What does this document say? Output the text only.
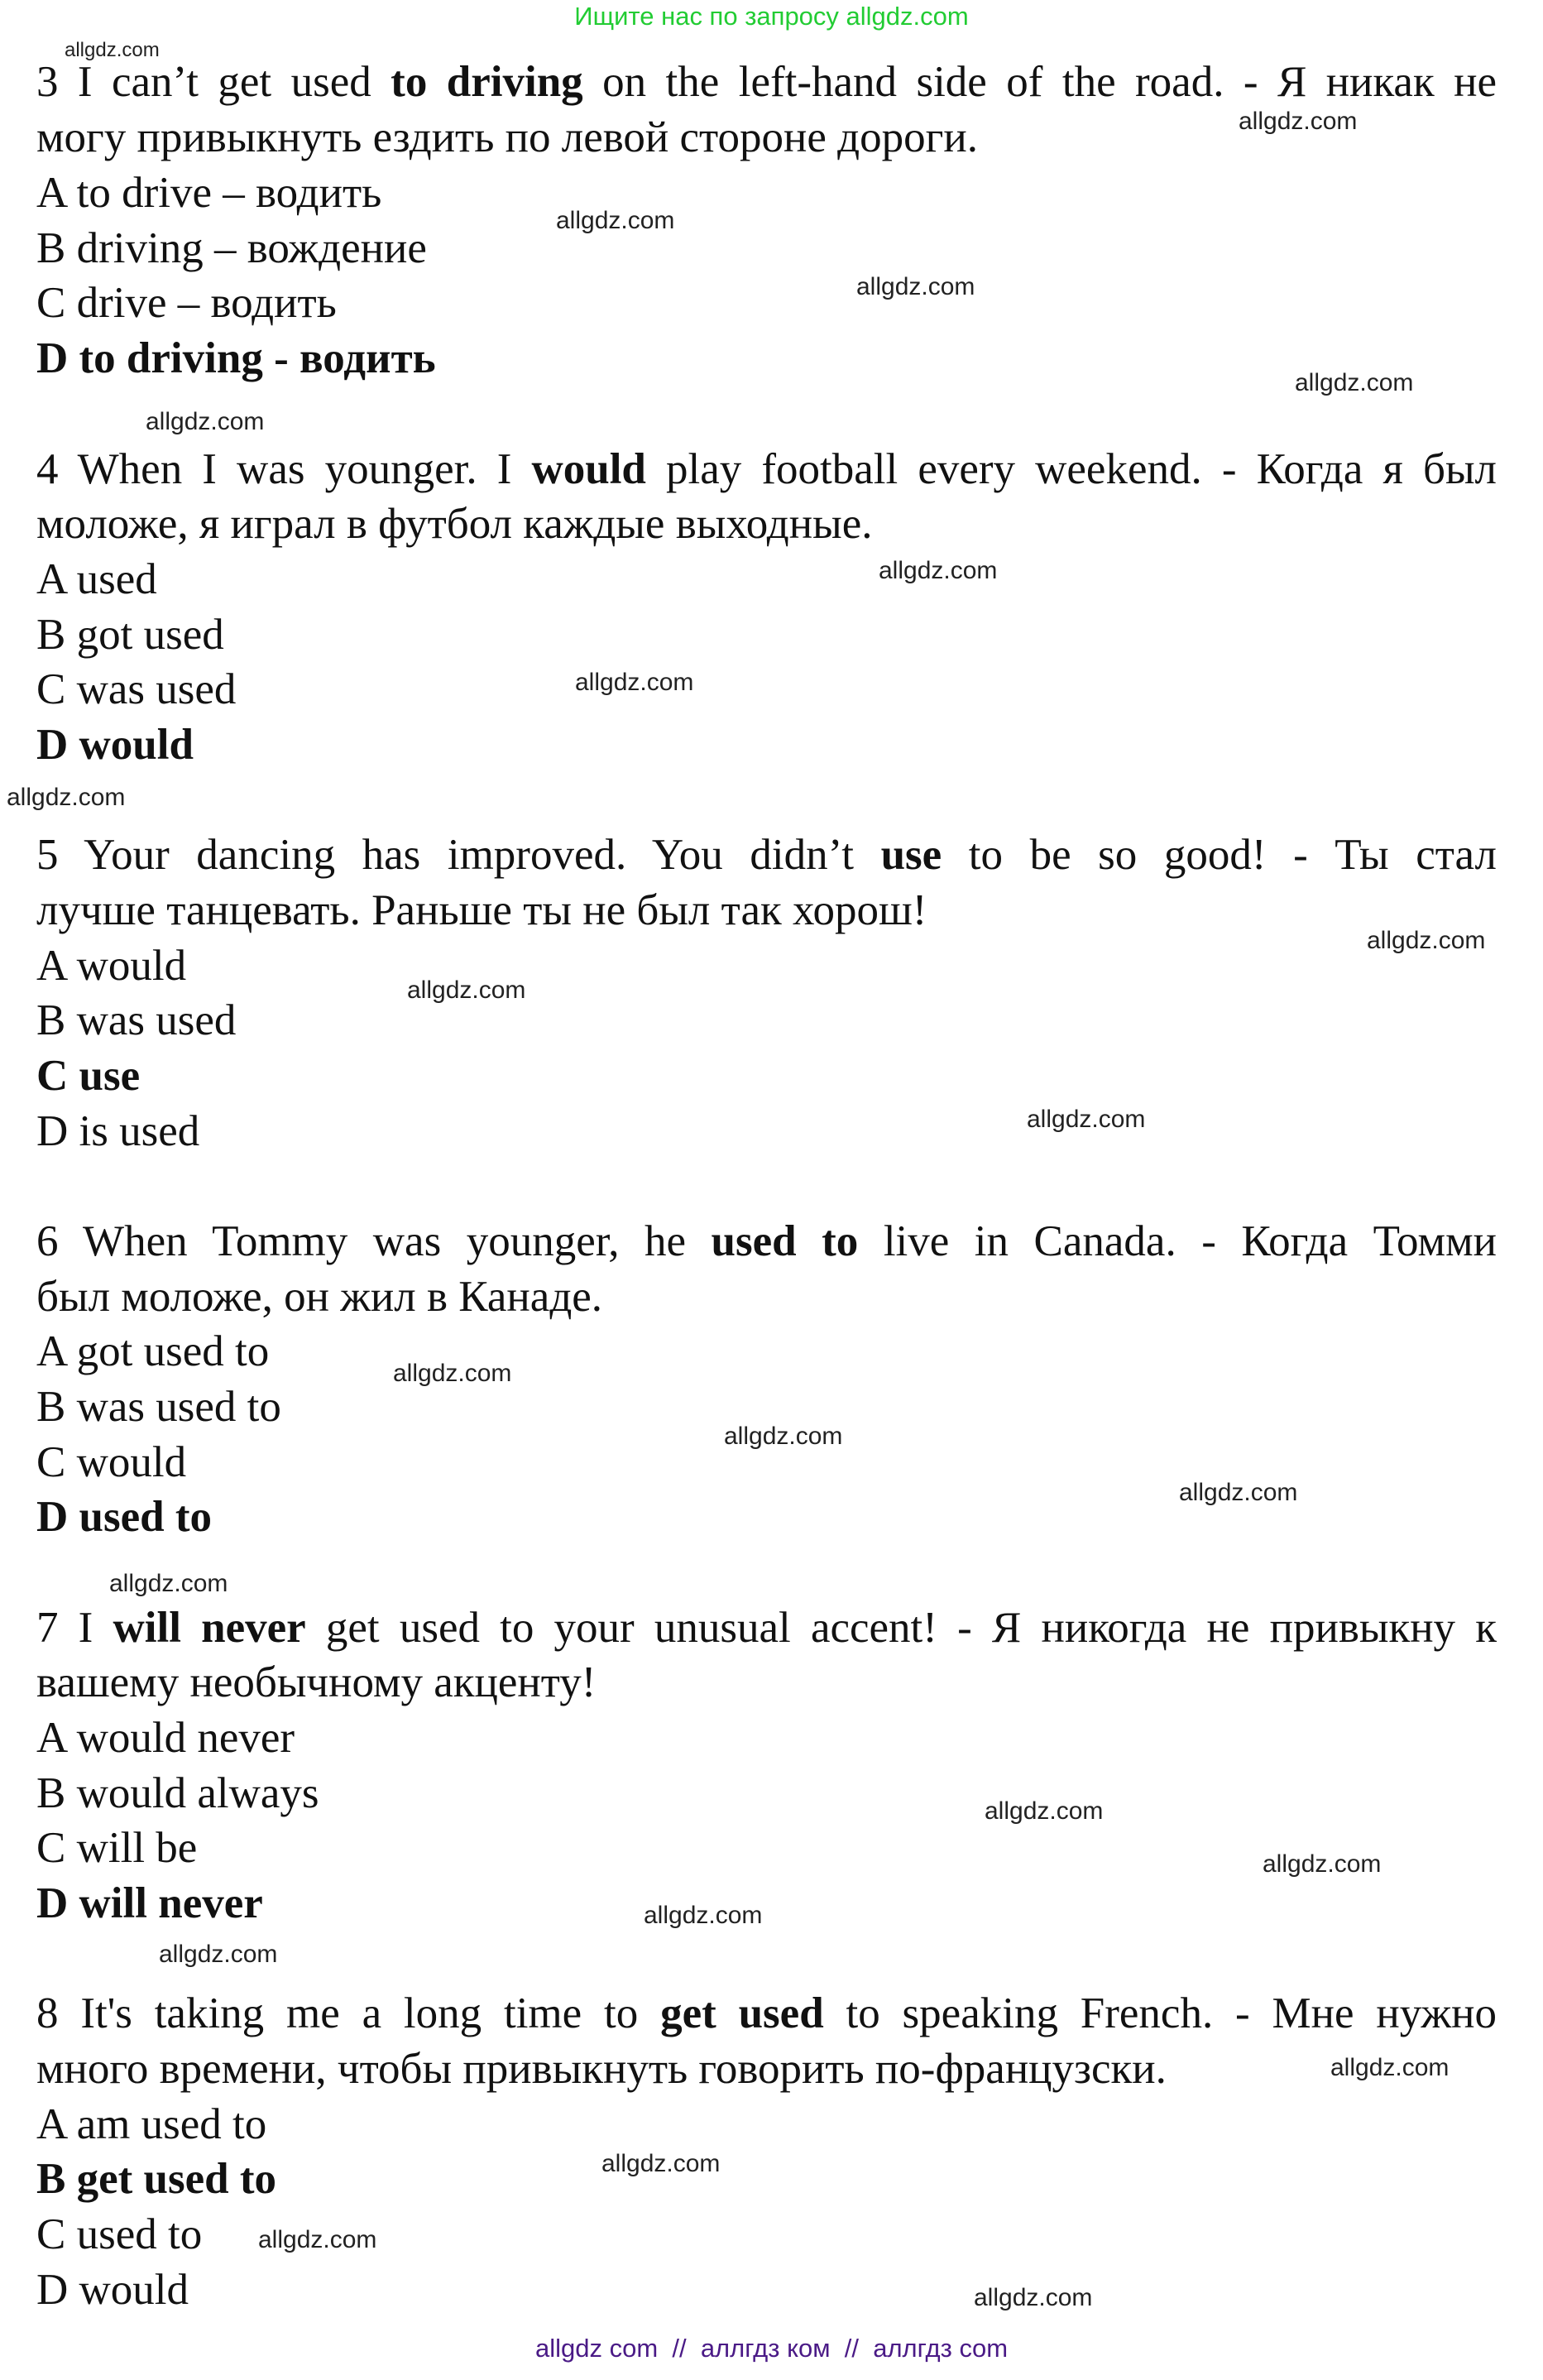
Ищите нас по запросу allgdz.com
allgdz.com
allgdz.com
allgdz.com
allgdz.com
allgdz.com
allgdz.com
allgdz.com
allgdz.com
allgdz.com
allgdz.com
allgdz.com
allgdz.com
allgdz.com
allgdz.com
allgdz.com
allgdz.com
allgdz.com
allgdz.com
allgdz.com
allgdz.com
allgdz.com
allgdz.com
allgdz.com
allgdz.com
3 I can’t get used to driving on the left-hand side of the road. - Я никак не
могу привыкнуть ездить по левой стороне дороги.
A to drive – водить
B driving – вождение
C drive – водить
D to driving - водить
4 When I was younger. I would play football every weekend. - Когда я был
моложе, я играл в футбол каждые выходные.
A used
B got used
C was used
D would
5 Your dancing has improved. You didn’t use to be so good! - Ты стал
лучше танцевать. Раньше ты не был так хорош!
A would
B was used
C use
D is used
6 When Tommy was younger, he used to live in Canada. - Когда Томми
был моложе, он жил в Канаде.
A got used to
B was used to
C would
D used to
7 I will never get used to your unusual accent! - Я никогда не привыкну к
вашему необычному акценту!
A would never
B would always
C will be
D will never
8 It's taking me a long time to get used to speaking French. - Мне нужно
много времени, чтобы привыкнуть говорить по-французски.
A am used to
B get used to
C used to
D would
allgdz com  //  аллгдз ком  //  аллгдз com
